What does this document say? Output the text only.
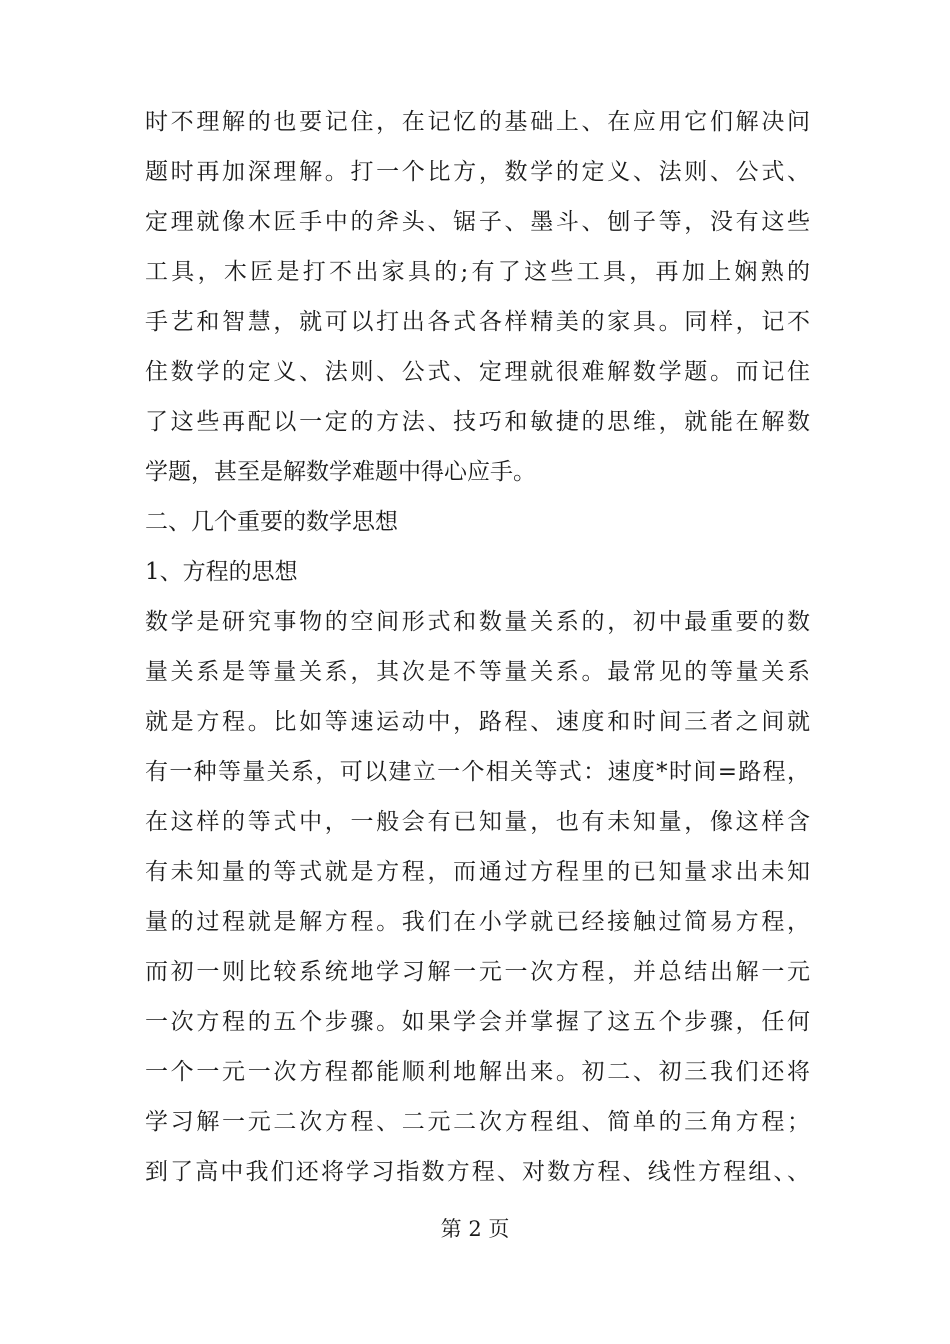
时不理解的也要记住，在记忆的基础上、在应用它们解决问
题时再加深理解。打一个比方，数学的定义、法则、公式、
定理就像木匠手中的斧头、锯子、墨斗、刨子等，没有这些
工具，木匠是打不出家具的;有了这些工具，再加上娴熟的
手艺和智慧，就可以打出各式各样精美的家具。同样，记不
住数学的定义、法则、公式、定理就很难解数学题。而记住
了这些再配以一定的方法、技巧和敏捷的思维，就能在解数
学题，甚至是解数学难题中得心应手。
二、几个重要的数学思想
1、方程的思想
数学是研究事物的空间形式和数量关系的，初中最重要的数
量关系是等量关系，其次是不等量关系。最常见的等量关系
就是方程。比如等速运动中，路程、速度和时间三者之间就
有一种等量关系，可以建立一个相关等式：速度*时间=路程，
在这样的等式中，一般会有已知量，也有未知量，像这样含
有未知量的等式就是方程，而通过方程里的已知量求出未知
量的过程就是解方程。我们在小学就已经接触过简易方程，
而初一则比较系统地学习解一元一次方程，并总结出解一元
一次方程的五个步骤。如果学会并掌握了这五个步骤，任何
一个一元一次方程都能顺利地解出来。初二、初三我们还将
学习解一元二次方程、二元二次方程组、简单的三角方程；
到了高中我们还将学习指数方程、对数方程、线性方程组、、
第 2 页
